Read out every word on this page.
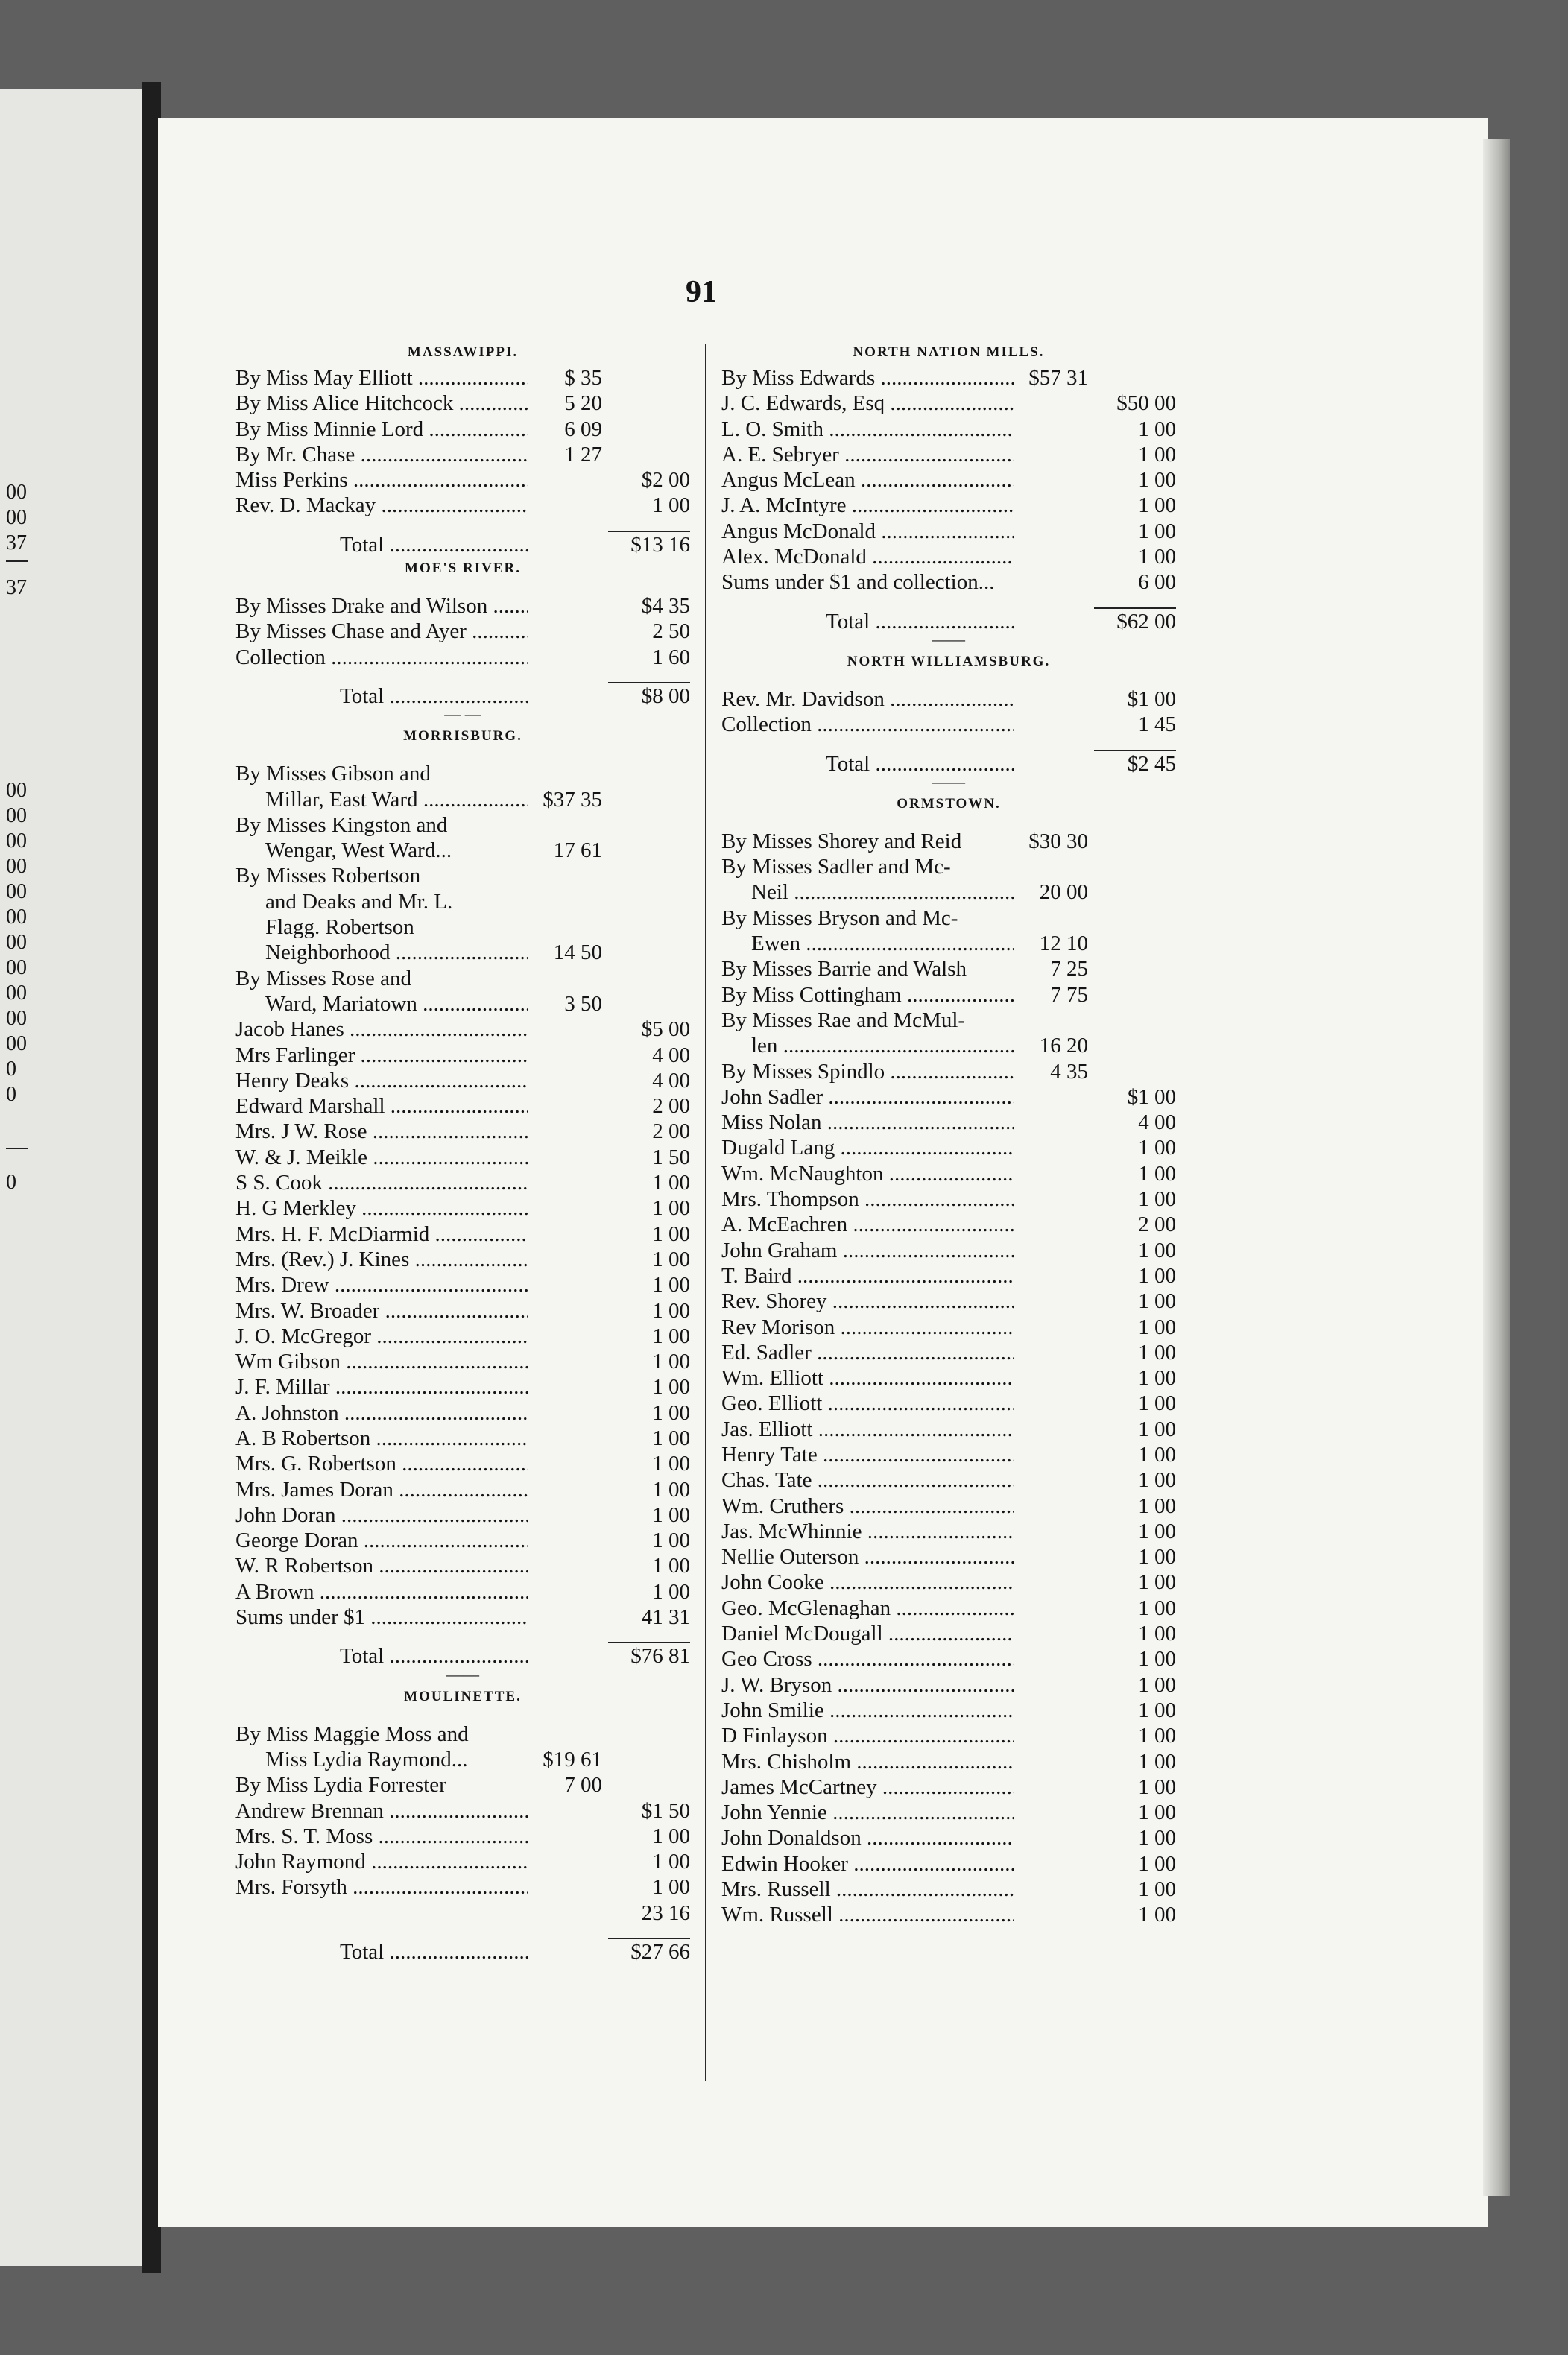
00
00
37
37
00
00
00
00
00
00
00
00
00
00
00
0
0
0
91
MASSAWIPPI.
By Miss May Elliott .....	$ 35
By Miss Alice Hitchcock .....	5 20
By Miss Minnie Lord .....	6 09
By Mr. Chase .....	1 27
Miss Perkins .....	$2 00
Rev. D. Mackay .....	1 00
Total .....	$13 16
MOE'S RIVER.
By Misses Drake and Wilson .....	$4 35
By Misses Chase and Ayer .....	2 50
Collection .....	1 60
Total .....	$8 00
— —
MORRISBURG.
By Misses Gibson and
Millar, East Ward .....	$37 35
By Misses Kingston and
Wengar, West Ward...	17 61
By Misses Robertson
and Deaks and Mr. L.
Flagg. Robertson
Neighborhood .....	14 50
By Misses Rose and
Ward, Mariatown .....	3 50
Jacob Hanes .....	$5 00
Mrs Farlinger .....	4 00
Henry Deaks .....	4 00
Edward Marshall .....	2 00
Mrs. J W. Rose .....	2 00
W. & J. Meikle .....	1 50
S S. Cook .....	1 00
H. G Merkley .....	1 00
Mrs. H. F. McDiarmid .....	1 00
Mrs. (Rev.) J. Kines .....	1 00
Mrs. Drew .....	1 00
Mrs. W. Broader .....	1 00
J. O. McGregor .....	1 00
Wm Gibson .....	1 00
J. F. Millar .....	1 00
A. Johnston .....	1 00
A. B Robertson .....	1 00
Mrs. G. Robertson .....	1 00
Mrs. James Doran .....	1 00
John Doran .....	1 00
George Doran .....	1 00
W. R Robertson .....	1 00
A Brown .....	1 00
Sums under $1 .....	41 31
Total .....	$76 81
——
MOULINETTE.
By Miss Maggie Moss and
Miss Lydia Raymond...	$19 61
By Miss Lydia Forrester	7 00
Andrew Brennan .....	$1 50
Mrs. S. T. Moss .....	1 00
John Raymond .....	1 00
Mrs. Forsyth .....	1 00
23 16
Total .....	$27 66
NORTH NATION MILLS.
By Miss Edwards .....	$57 31
J. C. Edwards, Esq .....	$50 00
L. O. Smith .....	1 00
A. E. Sebryer .....	1 00
Angus McLean .....	1 00
J. A. McIntyre .....	1 00
Angus McDonald .....	1 00
Alex. McDonald .....	1 00
Sums under $1 and collection...	6 00
Total .....	$62 00
——
NORTH WILLIAMSBURG.
Rev. Mr. Davidson .....	$1 00
Collection .....	1 45
Total .....	$2 45
——
ORMSTOWN.
By Misses Shorey and Reid	$30 30
By Misses Sadler and Mc-
Neil .....	20 00
By Misses Bryson and Mc-
Ewen .....	12 10
By Misses Barrie and Walsh	7 25
By Miss Cottingham .....	7 75
By Misses Rae and McMul-
len .....	16 20
By Misses Spindlo .....	4 35
John Sadler .....	$1 00
Miss Nolan .....	4 00
Dugald Lang .....	1 00
Wm. McNaughton .....	1 00
Mrs. Thompson .....	1 00
A. McEachren .....	2 00
John Graham .....	1 00
T. Baird .....	1 00
Rev. Shorey .....	1 00
Rev Morison .....	1 00
Ed. Sadler .....	1 00
Wm. Elliott .....	1 00
Geo. Elliott .....	1 00
Jas. Elliott .....	1 00
Henry Tate .....	1 00
Chas. Tate .....	1 00
Wm. Cruthers .....	1 00
Jas. McWhinnie .....	1 00
Nellie Outerson .....	1 00
John Cooke .....	1 00
Geo. McGlenaghan .....	1 00
Daniel McDougall .....	1 00
Geo Cross .....	1 00
J. W. Bryson .....	1 00
John Smilie .....	1 00
D Finlayson .....	1 00
Mrs. Chisholm .....	1 00
James McCartney .....	1 00
John Yennie .....	1 00
John Donaldson .....	1 00
Edwin Hooker .....	1 00
Mrs. Russell .....	1 00
Wm. Russell .....	1 00
